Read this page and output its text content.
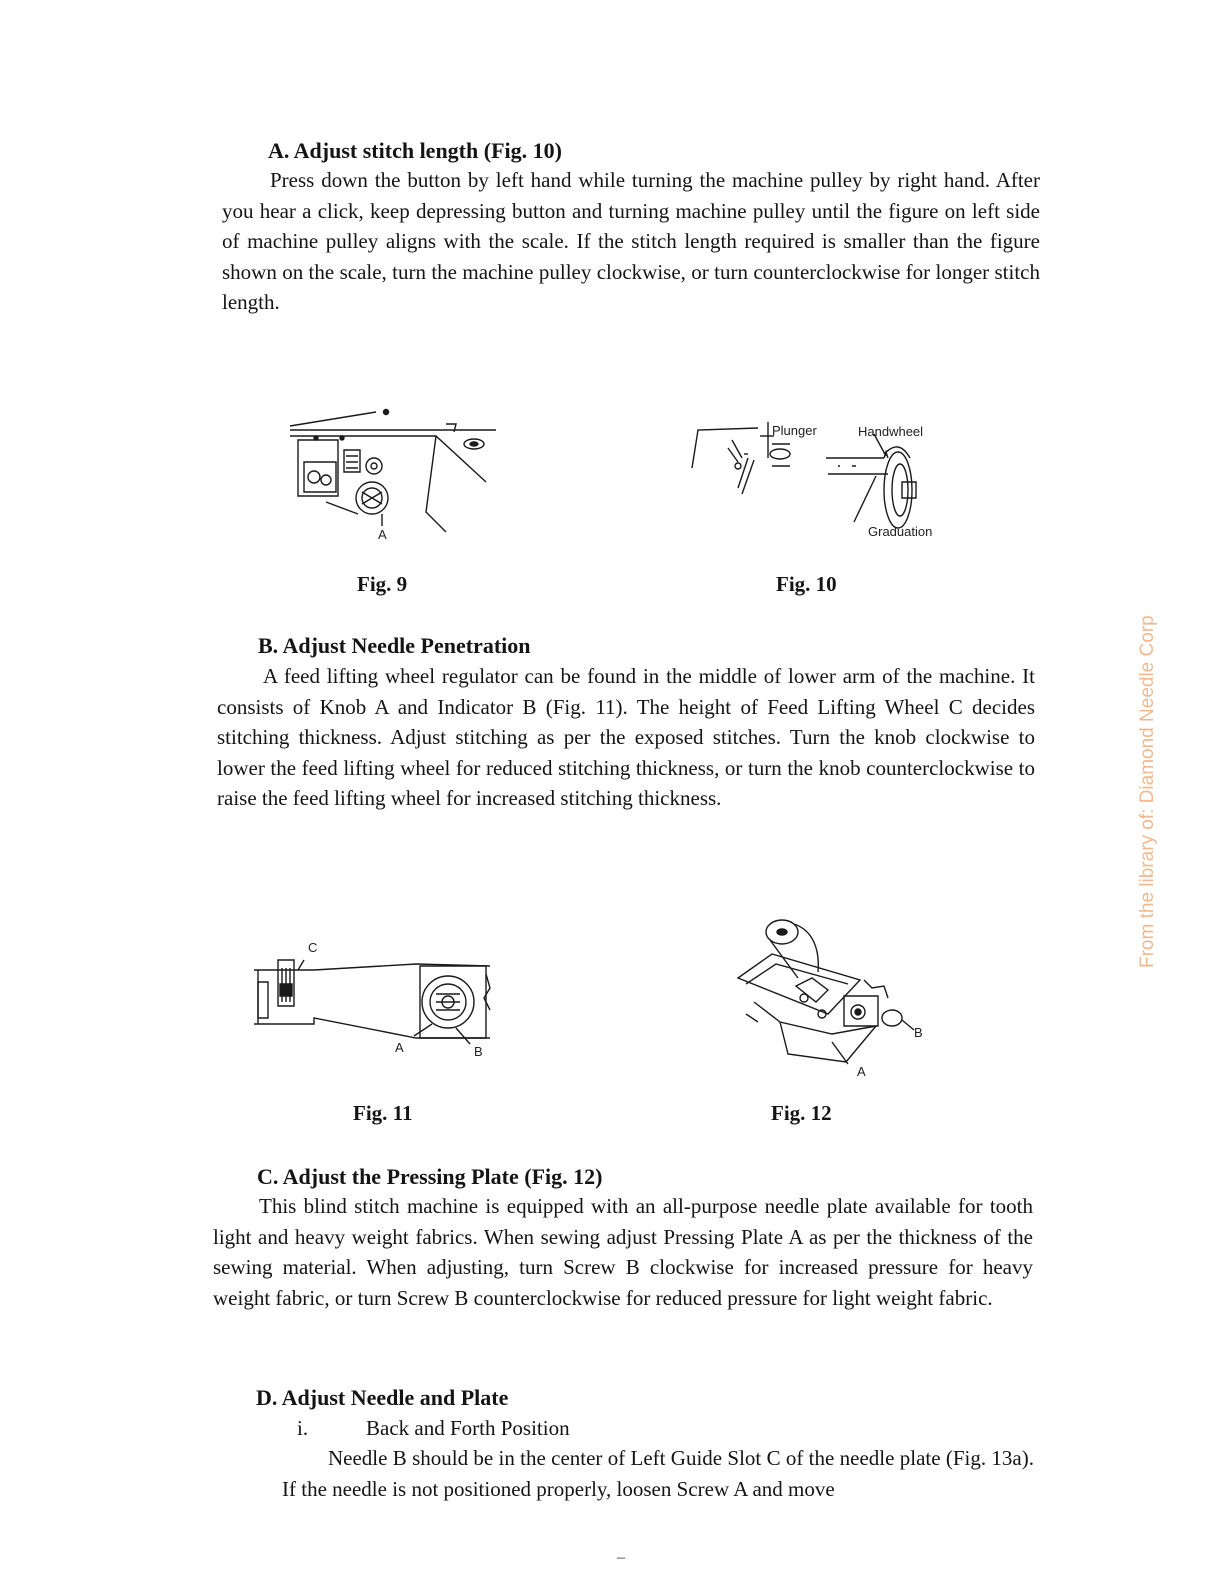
A. Adjust stitch length (Fig. 10)

Press down the button by left hand while turning the machine pulley by right hand. After you hear a click, keep depressing button and turning machine pulley until the figure on left side of machine pulley aligns with the scale. If the stitch length required is smaller than the figure shown on the scale, turn the machine pulley clockwise, or turn counterclockwise for longer stitch length.

A
Fig. 9
Plunger	Handwheel
Graduation
Fig. 10
B. Adjust Needle Penetration

A feed lifting wheel regulator can be found in the middle of lower arm of the machine. It consists of Knob A and Indicator B (Fig. 11). The height of Feed Lifting Wheel C decides stitching thickness. Adjust stitching as per the exposed stitches. Turn the knob clockwise to lower the feed lifting wheel for reduced stitching thickness, or turn the knob counterclockwise to raise the feed lifting wheel for increased stitching thickness.

C
A	B
Fig. 11
B
A
Fig. 12
C. Adjust the Pressing Plate (Fig. 12)

This blind stitch machine is equipped with an all-purpose needle plate available for tooth light and heavy weight fabrics. When sewing adjust Pressing Plate A as per the thickness of the sewing material. When adjusting, turn Screw B clockwise for increased pressure for heavy weight fabric, or turn Screw B counterclockwise for reduced pressure for light weight fabric.

D. Adjust Needle and Plate
i.	Back and Forth Position

Needle B should be in the center of Left Guide Slot C of the needle plate (Fig. 13a). If the needle is not positioned properly, loosen Screw A and move

From the library of: Diamond Needle Corp
–
